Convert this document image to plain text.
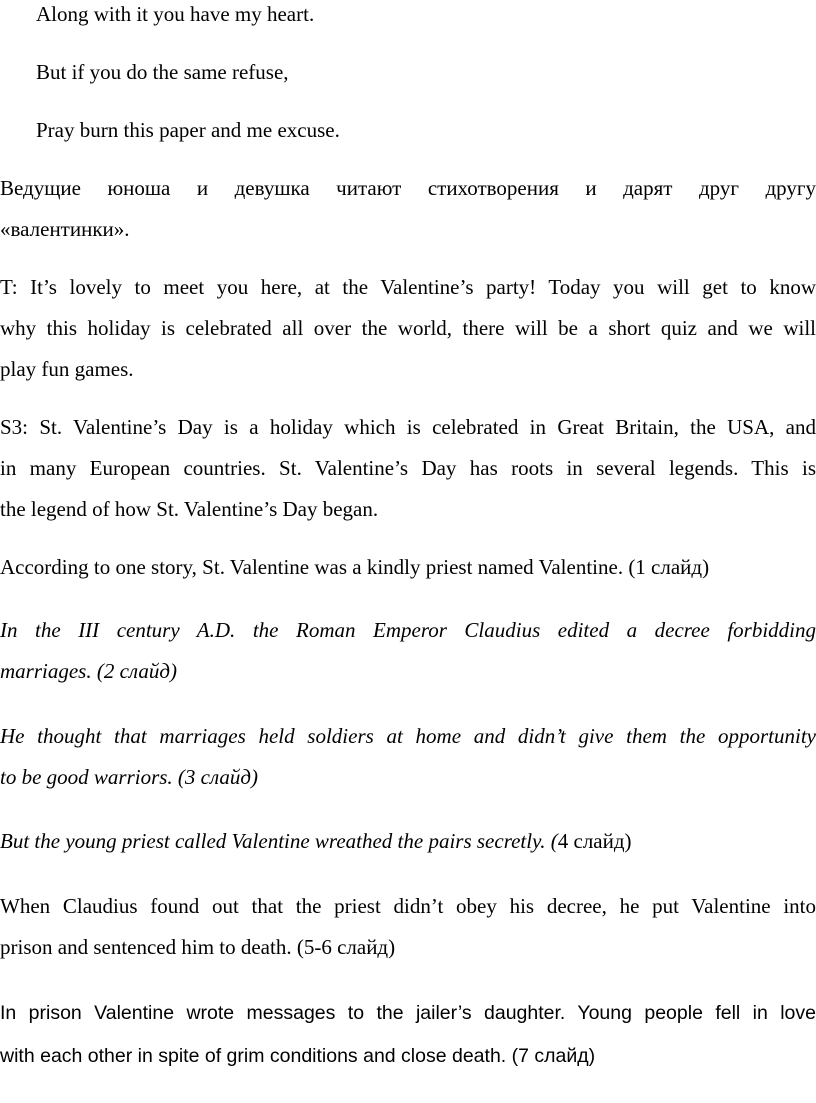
Along with it you have my heart.

But if you do the same refuse,

Pray burn this paper and me excuse.

Ведущие юноша и девушка читают стихотворения и дарят друг другу

«валентинки».

T: It’s lovely to meet you here, at the Valentine’s party! Today you will get to know

why this holiday is celebrated all over the world, there will be a short quiz and we will

play fun games.

S3: St. Valentine’s Day is a holiday which is celebrated in Great Britain, the USA, and

in many European countries. St. Valentine’s Day has roots in several legends. This is

the legend of how St. Valentine’s Day began.

According to one story, St. Valentine was a kindly priest named Valentine. (1 слайд)

In the III century A.D. the Roman Emperor Claudius edited a decree forbidding

marriages. (2 слайд)

He thought that marriages held soldiers at home and didn’t give them the opportunity

to be good warriors. (3 слайд)

But the young priest called Valentine wreathed the pairs secretly. (4 слайд)

When Claudius found out that the priest didn’t obey his decree, he put Valentine into

prison and sentenced him to death. (5-6 слайд)

In prison Valentine wrote messages to the jailer’s daughter. Young people fell in love

with each other in spite of grim conditions and close death. (7 слайд)
